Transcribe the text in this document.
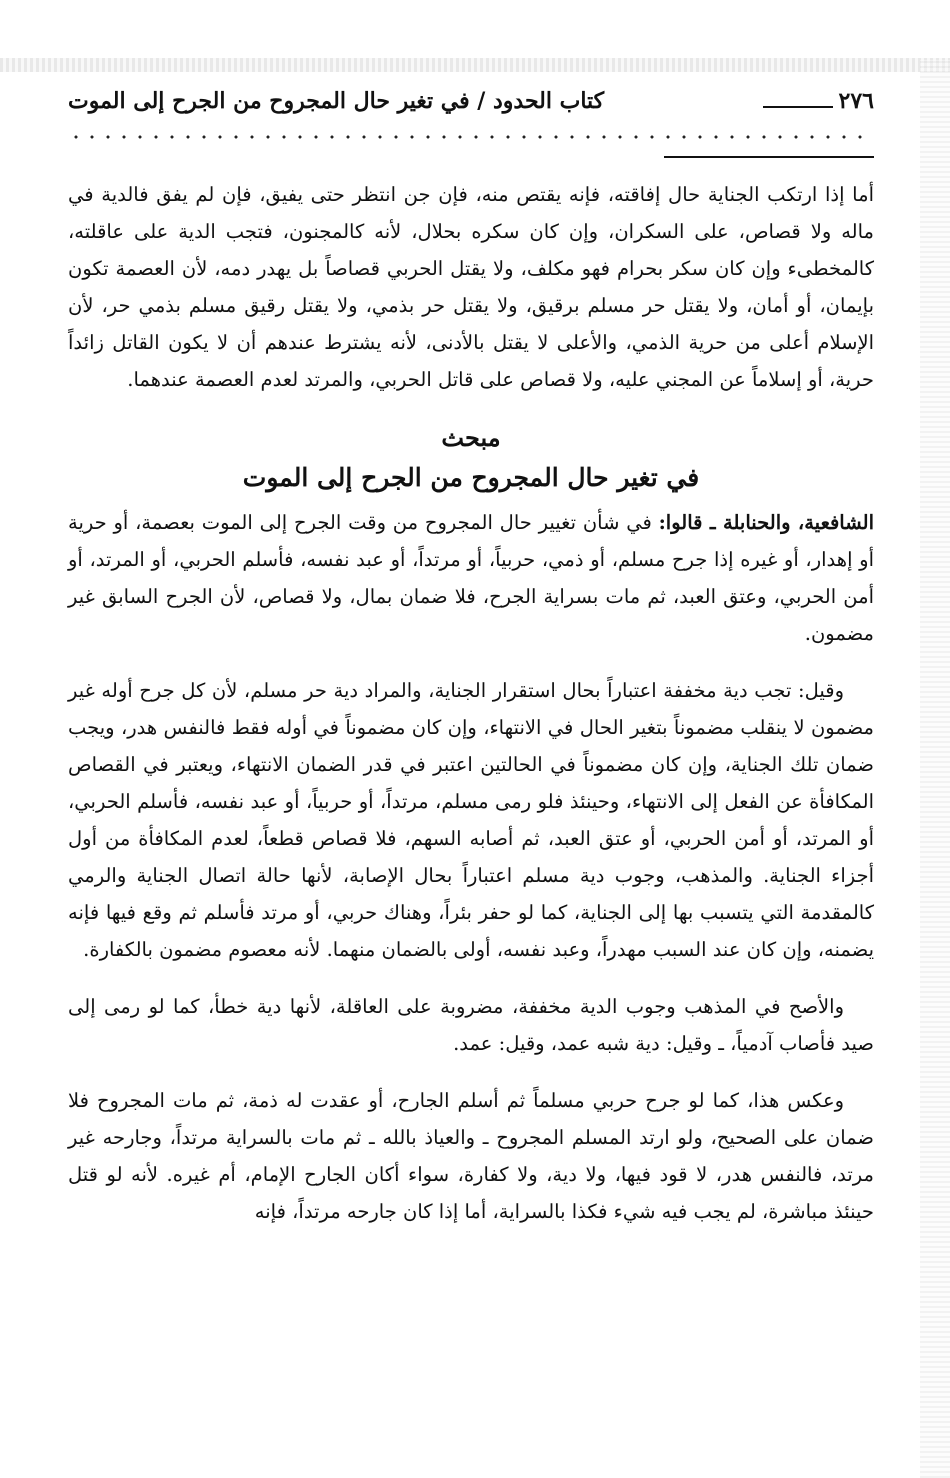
٢٧٦
كتاب الحدود / في تغير حال المجروح من الجرح إلى الموت

أما إذا ارتكب الجناية حال إفاقته، فإنه يقتص منه، فإن جن انتظر حتى يفيق، فإن لم يفق فالدية في ماله ولا قصاص، على السكران، وإن كان سكره بحلال، لأنه كالمجنون، فتجب الدية على عاقلته، كالمخطىء وإن كان سكر بحرام فهو مكلف، ولا يقتل الحربي قصاصاً بل يهدر دمه، لأن العصمة تكون بإيمان، أو أمان، ولا يقتل حر مسلم برقيق، ولا يقتل حر بذمي، ولا يقتل رقيق مسلم بذمي حر، لأن الإسلام أعلى من حرية الذمي، والأعلى لا يقتل بالأدنى، لأنه يشترط عندهم أن لا يكون القاتل زائداً حرية، أو إسلاماً عن المجني عليه، ولا قصاص على قاتل الحربي، والمرتد لعدم العصمة عندهما.

مبحث
في تغير حال المجروح من الجرح إلى الموت

الشافعية، والحنابلة ـ قالوا: في شأن تغيير حال المجروح من وقت الجرح إلى الموت بعصمة، أو حرية أو إهدار، أو غيره إذا جرح مسلم، أو ذمي، حربياً، أو مرتداً، أو عبد نفسه، فأسلم الحربي، أو المرتد، أو أمن الحربي، وعتق العبد، ثم مات بسراية الجرح، فلا ضمان بمال، ولا قصاص، لأن الجرح السابق غير مضمون.

وقيل: تجب دية مخففة اعتباراً بحال استقرار الجناية، والمراد دية حر مسلم، لأن كل جرح أوله غير مضمون لا ينقلب مضموناً بتغير الحال في الانتهاء، وإن كان مضموناً في أوله فقط فالنفس هدر، ويجب ضمان تلك الجناية، وإن كان مضموناً في الحالتين اعتبر في قدر الضمان الانتهاء، ويعتبر في القصاص المكافأة عن الفعل إلى الانتهاء، وحينئذ فلو رمى مسلم، مرتداً، أو حربياً، أو عبد نفسه، فأسلم الحربي، أو المرتد، أو أمن الحربي، أو عتق العبد، ثم أصابه السهم، فلا قصاص قطعاً، لعدم المكافأة من أول أجزاء الجناية. والمذهب، وجوب دية مسلم اعتباراً بحال الإصابة، لأنها حالة اتصال الجناية والرمي كالمقدمة التي يتسبب بها إلى الجناية، كما لو حفر بئراً، وهناك حربي، أو مرتد فأسلم ثم وقع فيها فإنه يضمنه، وإن كان عند السبب مهدراً، وعبد نفسه، أولى بالضمان منهما. لأنه معصوم مضمون بالكفارة.

والأصح في المذهب وجوب الدية مخففة، مضروبة على العاقلة، لأنها دية خطأ، كما لو رمى إلى صيد فأصاب آدمياً، ـ وقيل: دية شبه عمد، وقيل: عمد.

وعكس هذا، كما لو جرح حربي مسلماً ثم أسلم الجارح، أو عقدت له ذمة، ثم مات المجروح فلا ضمان على الصحيح، ولو ارتد المسلم المجروح ـ والعياذ بالله ـ ثم مات بالسراية مرتداً، وجارحه غير مرتد، فالنفس هدر، لا قود فيها، ولا دية، ولا كفارة، سواء أكان الجارح الإمام، أم غيره. لأنه لو قتل حينئذ مباشرة، لم يجب فيه شيء فكذا بالسراية، أما إذا كان جارحه مرتداً، فإنه
